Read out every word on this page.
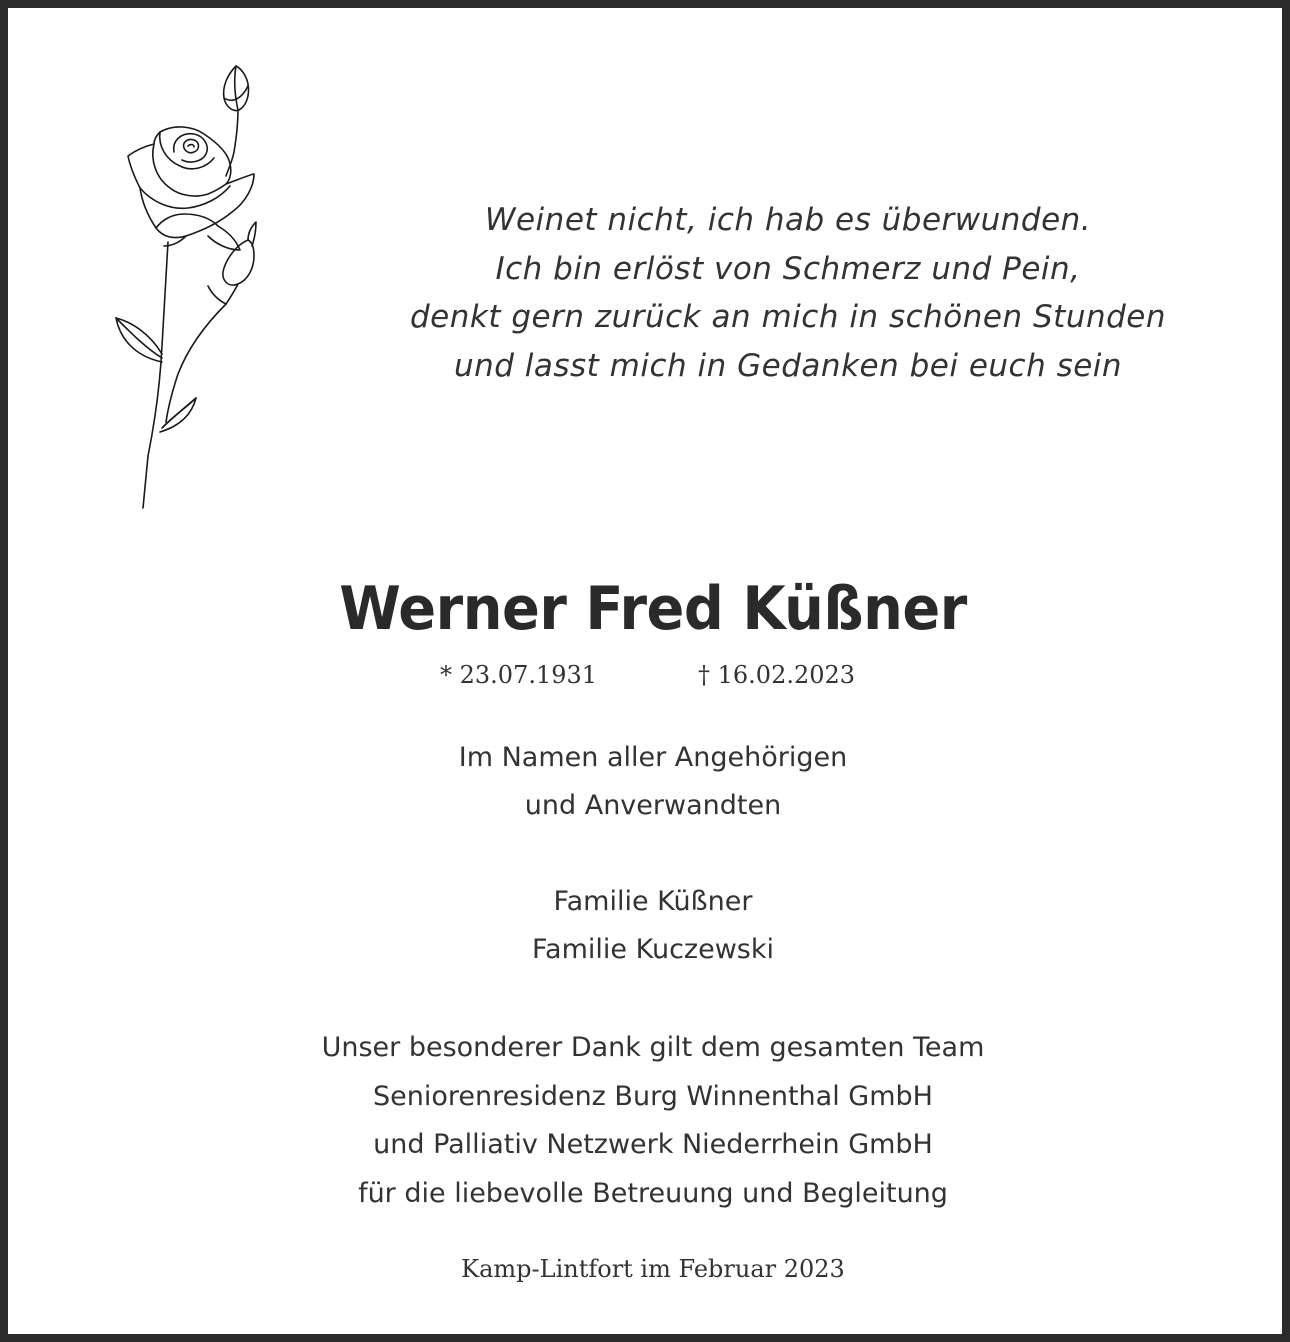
Weinet nicht, ich hab es überwunden.
Ich bin erlöst von Schmerz und Pein,
denkt gern zurück an mich in schönen Stunden
und lasst mich in Gedanken bei euch sein
Werner Fred Küßner
* 23.07.1931	† 16.02.2023
Im Namen aller Angehörigen
und Anverwandten
Familie Küßner
Familie Kuczewski
Unser besonderer Dank gilt dem gesamten Team
Seniorenresidenz Burg Winnenthal GmbH
und Palliativ Netzwerk Niederrhein GmbH
für die liebevolle Betreuung und Begleitung
Kamp-Lintfort im Februar 2023
